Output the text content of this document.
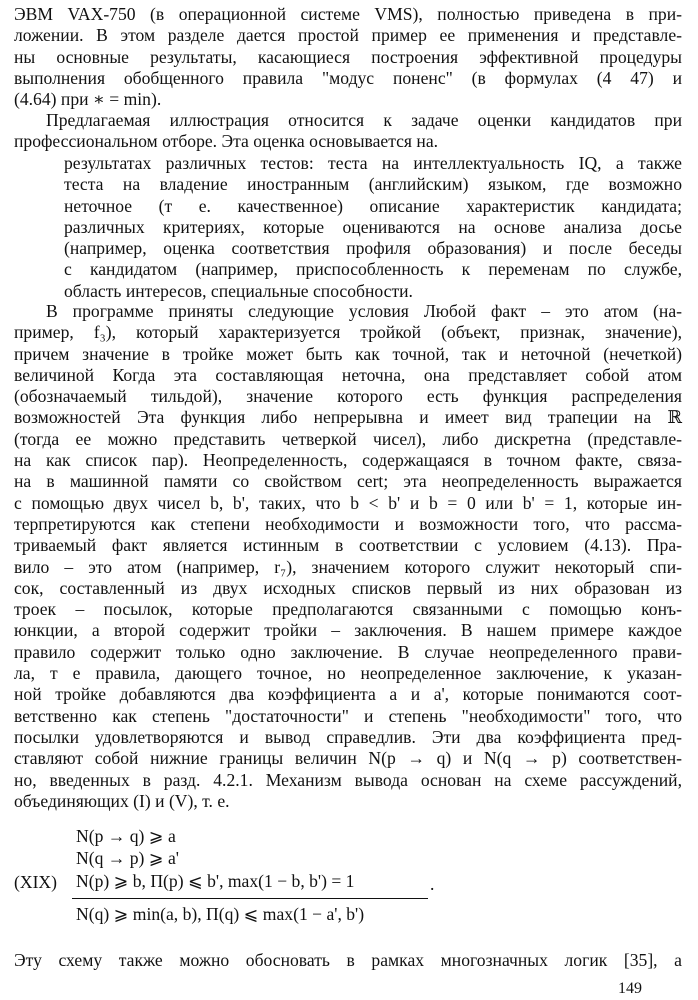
ЭВМ VAX-750 (в операционной системе VMS), полностью приведена в при-
ложении. В этом разделе дается простой пример ее применения и представле-
ны основные результаты, касающиеся построения эффективной процедуры
выполнения обобщенного правила "модус поненс" (в формулах (4 47) и
(4.64) при ∗ = min).
Предлагаемая иллюстрация относится к задаче оценки кандидатов при
профессиональном отборе. Эта оценка основывается на.
результатах различных тестов: теста на интеллектуальность IQ, а также
теста на владение иностранным (английским) языком, где возможно
неточное (т е. качественное) описание характеристик кандидата;
различных критериях, которые оцениваются на основе анализа досье
(например, оценка соответствия профиля образования) и после беседы
с кандидатом (например, приспособленность к переменам по службе,
область интересов, специальные способности.
В программе приняты следующие условия Любой факт – это атом (на-
пример, f₃), который характеризуется тройкой (объект, признак, значение),
причем значение в тройке может быть как точной, так и неточной (нечеткой)
величиной Когда эта составляющая неточна, она представляет собой атом
(обозначаемый тильдой), значение которого есть функция распределения
возможностей Эта функция либо непрерывна и имеет вид трапеции на ℝ
(тогда ее можно представить четверкой чисел), либо дискретна (представле-
на как список пар). Неопределенность, содержащаяся в точном факте, связа-
на в машинной памяти со свойством cert; эта неопределенность выражается
с помощью двух чисел b, b', таких, что b < b' и b = 0 или b' = 1, которые ин-
терпретируются как степени необходимости и возможности того, что рассма-
триваемый факт является истинным в соответствии с условием (4.13). Пра-
вило – это атом (например, r₇), значением которого служит некоторый спи-
сок, составленный из двух исходных списков первый из них образован из
троек – посылок, которые предполагаются связанными с помощью конъ-
юнкции, а второй содержит тройки – заключения. В нашем примере каждое
правило содержит только одно заключение. В случае неопределенного прави-
ла, т е правила, дающего точное, но неопределенное заключение, к указан-
ной тройке добавляются два коэффициента a и a', которые понимаются соот-
ветственно как степень "достаточности" и степень "необходимости" того, что
посылки удовлетворяются и вывод справедлив. Эти два коэффициента пред-
ставляют собой нижние границы величин N(p → q) и N(q → p) соответствен-
но, введенных в разд. 4.2.1. Механизм вывода основан на схеме рассуждений,
объединяющих (I) и (V), т. е.
(XIX)
N(p → q) ⩾ a
N(q → p) ⩾ a'
N(p) ⩾ b, Π(p) ⩽ b', max(1 − b, b') = 1	.
N(q) ⩾ min(a, b), Π(q) ⩽ max(1 − a', b')
Эту схему также можно обосновать в рамках многозначных логик [35], а
149
